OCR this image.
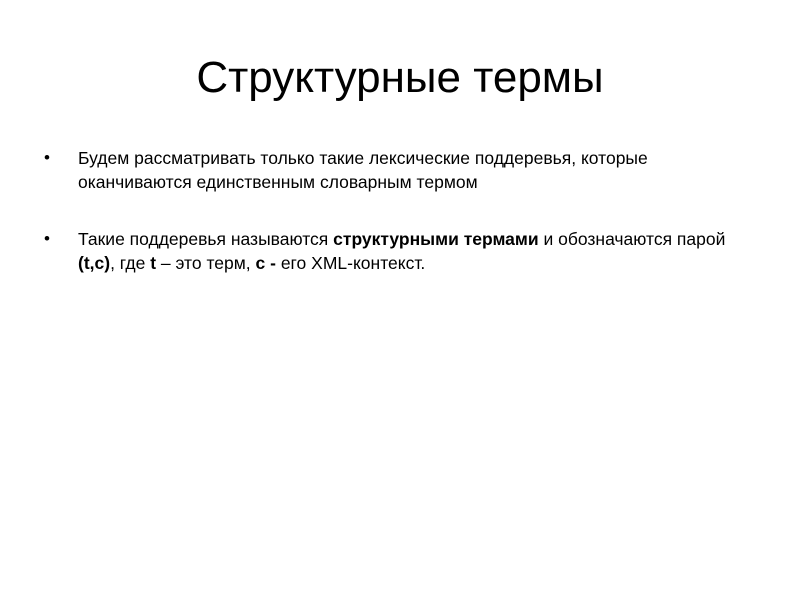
Структурные термы
•	Будем рассматривать только такие лексические поддеревья, которые оканчиваются единственным словарным термом
•	Такие поддеревья называются структурными термами и обозначаются парой (t,c), где t – это терм, c - его XML-контекст.
